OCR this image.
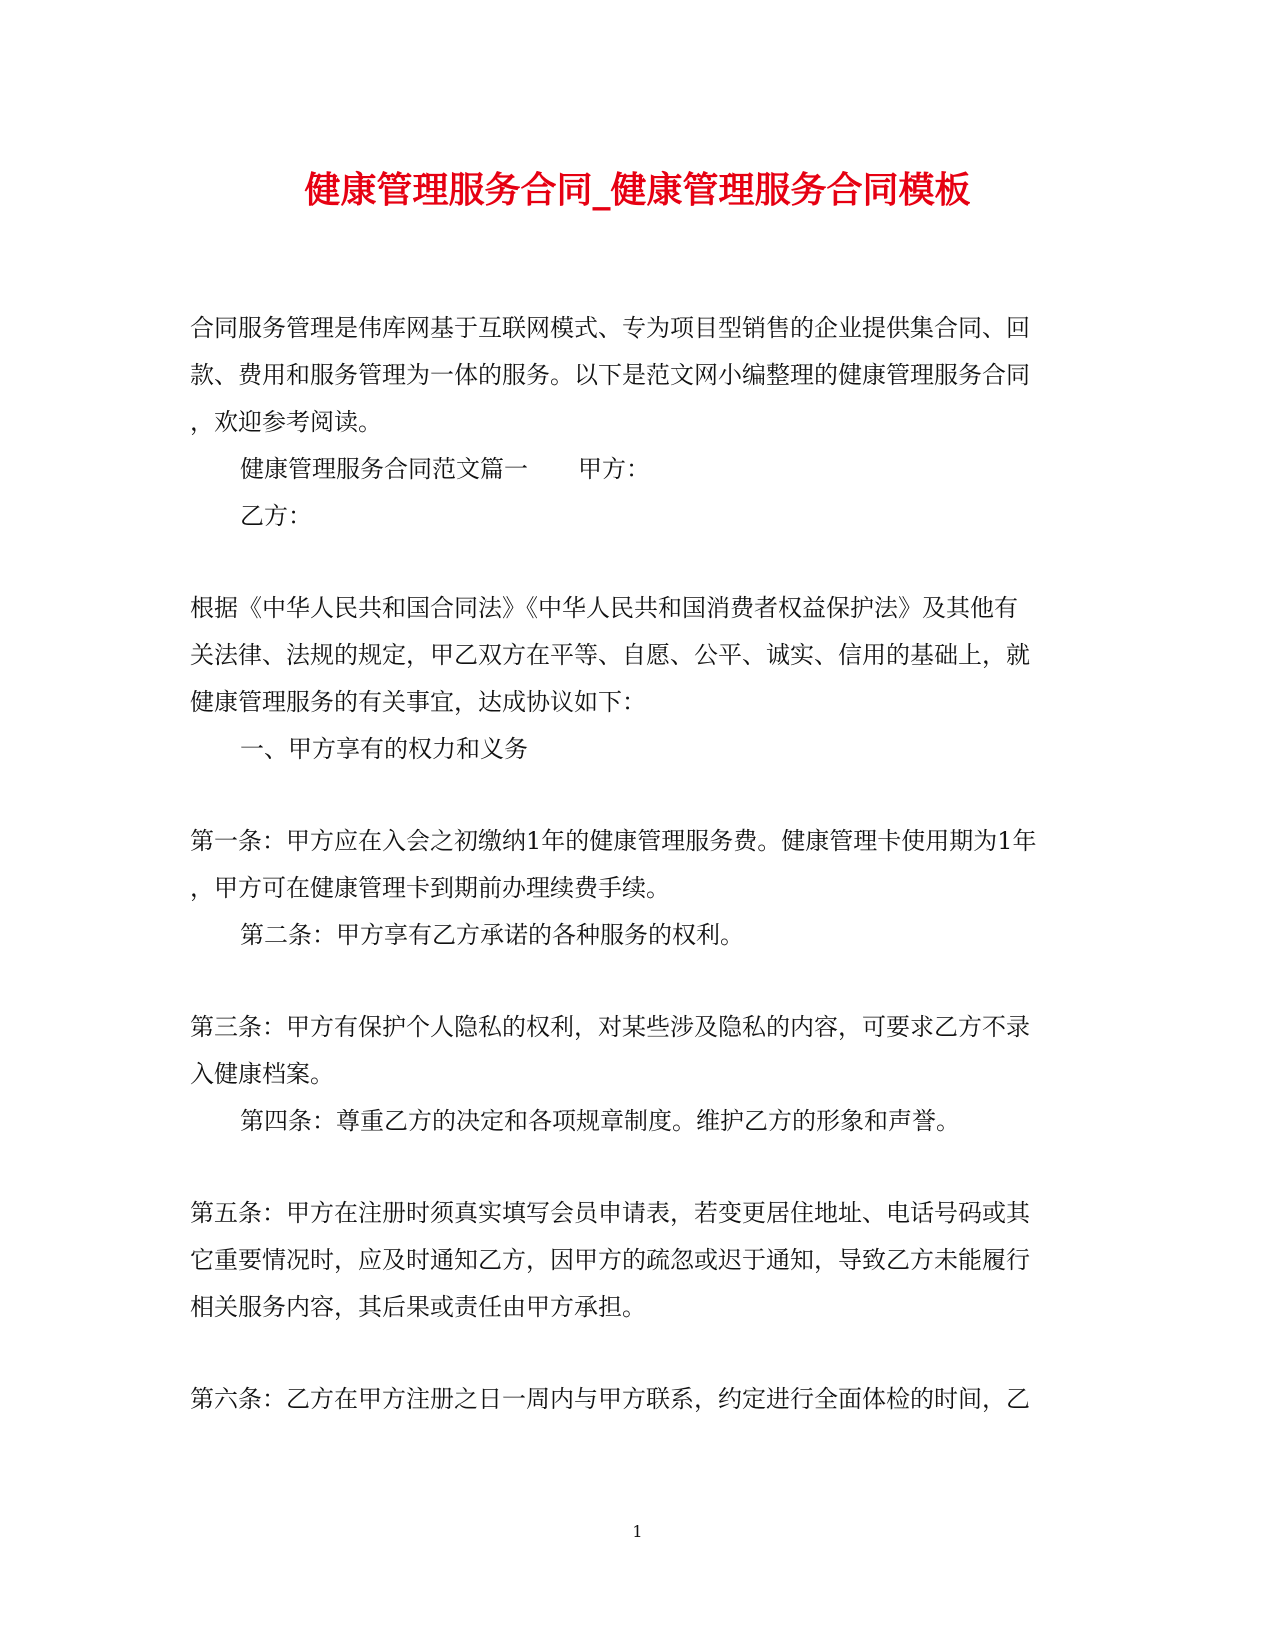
健康管理服务合同_健康管理服务合同模板
合同服务管理是伟库网基于互联网模式、专为项目型销售的企业提供集合同、回
款、费用和服务管理为一体的服务。以下是范文网小编整理的健康管理服务合同
，欢迎参考阅读。
健康管理服务合同范文篇一 甲方：
乙方：
根据《中华人民共和国合同法》《中华人民共和国消费者权益保护法》及其他有
关法律、法规的规定，甲乙双方在平等、自愿、公平、诚实、信用的基础上，就
健康管理服务的有关事宜，达成协议如下：
一、甲方享有的权力和义务
第一条：甲方应在入会之初缴纳1年的健康管理服务费。健康管理卡使用期为1年
，甲方可在健康管理卡到期前办理续费手续。
第二条：甲方享有乙方承诺的各种服务的权利。
第三条：甲方有保护个人隐私的权利，对某些涉及隐私的内容，可要求乙方不录
入健康档案。
第四条：尊重乙方的决定和各项规章制度。维护乙方的形象和声誉。
第五条：甲方在注册时须真实填写会员申请表，若变更居住地址、电话号码或其
它重要情况时，应及时通知乙方，因甲方的疏忽或迟于通知，导致乙方未能履行
相关服务内容，其后果或责任由甲方承担。
第六条：乙方在甲方注册之日一周内与甲方联系，约定进行全面体检的时间，乙
1
